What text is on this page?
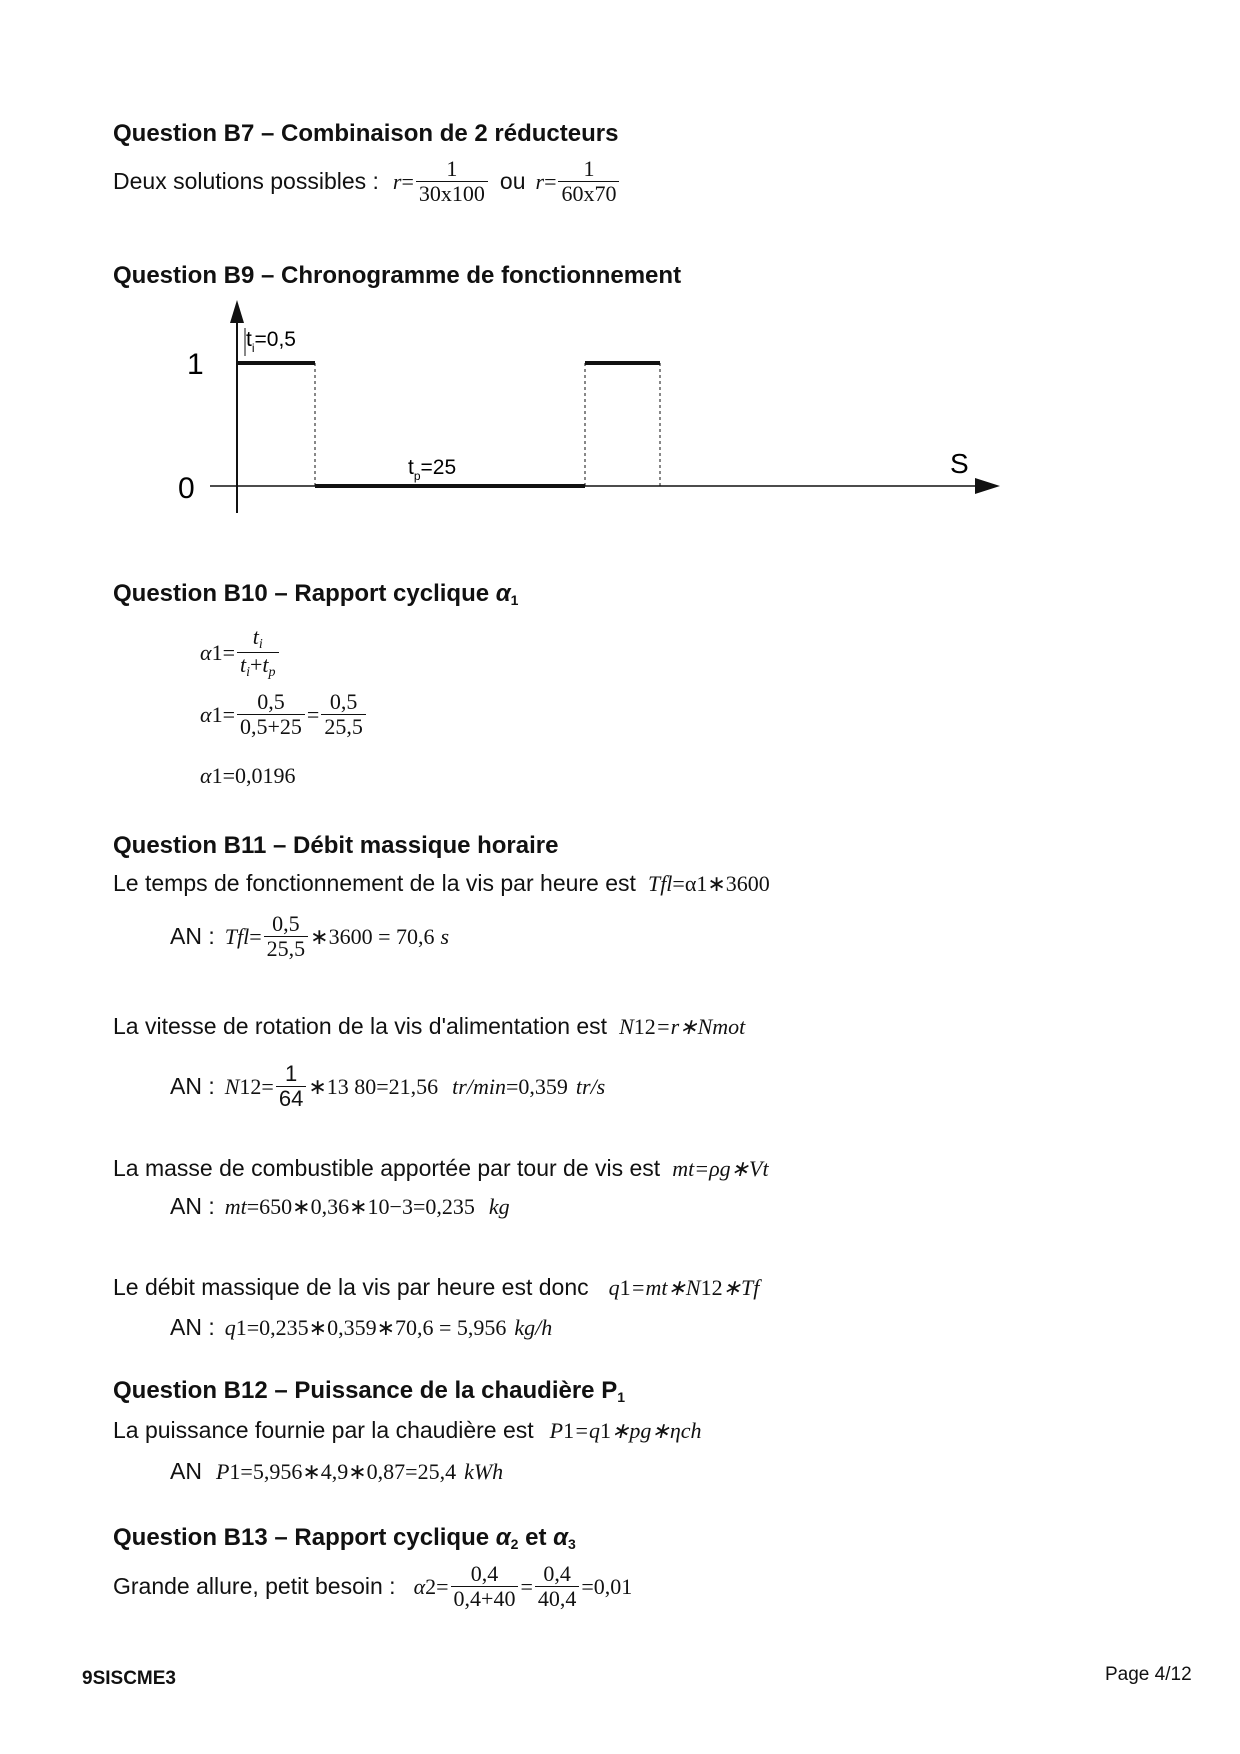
Question B7 – Combinaison de 2 réducteurs
Deux solutions possibles : $r = \frac{1}{30x100}$ ou $r = \frac{1}{60x70}$
Question B9 – Chronogramme de fonctionnement
1
0
S
$t_i=0,5$
$t_p=25$
Question B10 – Rapport cyclique $\alpha_1$
α $1 = \frac{t_i}{t_i+t_p}$
α $1 = \frac{0,5}{0,5+25} = \frac{0,5}{25,5}$
α 1 =0,0196
Question B11 – Débit massique horaire
Le temps de fonctionnement de la vis par heure est T fl =α 1 ∗3600
AN : T fl = $\frac{0,5}{25,5}$ ∗3600 = 70,6 s
La vitesse de rotation de la vis d'alimentation est N 12 =r∗N mot
AN : N $12 = \frac{1}{64}$ ∗13 80=21,56 tr/min =0,359 tr/s
La masse de combustible apportée par tour de vis est m t =ρ g ∗V t
AN : m t =650∗0,36∗10 −3 =0,235 kg
Le débit massique de la vis par heure est donc q 1 =m t ∗N 12 ∗T f
AN : q 1 =0,235∗0,359∗70,6 = 5,956 kg/h
Question B12 – Puissance de la chaudière $P_1$
La puissance fournie par la chaudière est P 1 =q 1 ∗p g ∗η ch
AN P 1 =5,956∗4,9∗0,87=25,4 kWh
Question B13 – Rapport cyclique $\alpha_2$ et $\alpha_3$
Grande allure, petit besoin : α $2 = \frac{0,4}{0,4+40} = \frac{0,4}{40,4} =0,01$
9SISCME3	Page 4/12
